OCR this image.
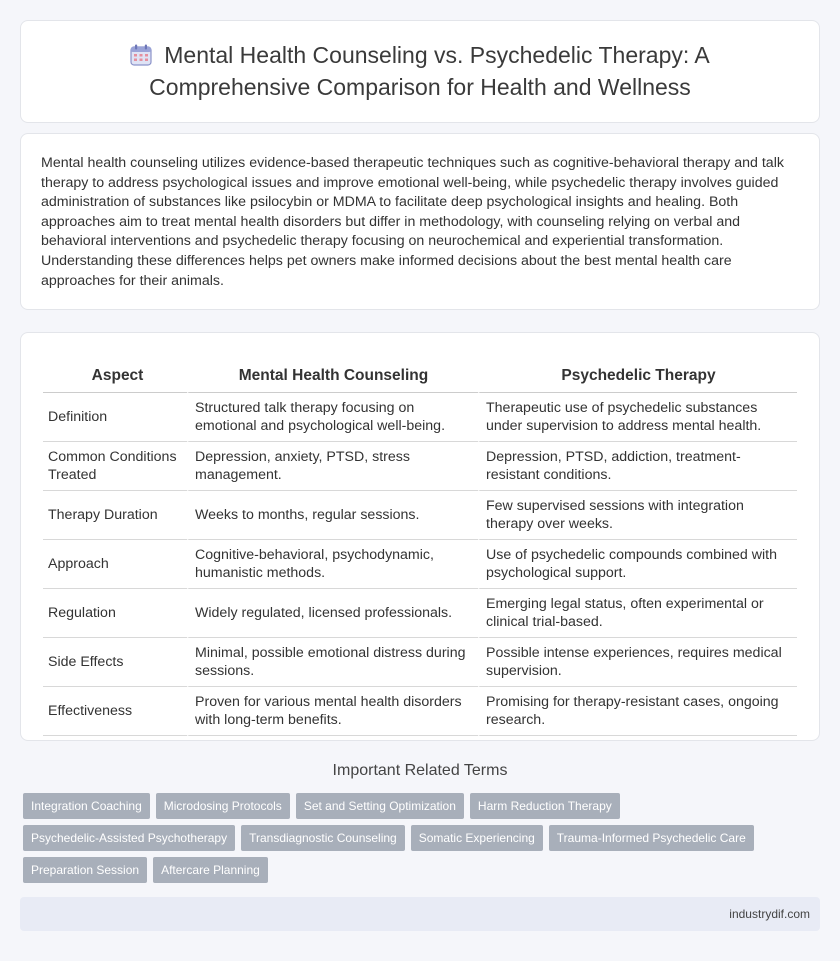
Mental Health Counseling vs. Psychedelic Therapy: A
Comprehensive Comparison for Health and Wellness

Mental health counseling utilizes evidence-based therapeutic techniques such as cognitive-behavioral therapy and talk therapy to address psychological issues and improve emotional well-being, while psychedelic therapy involves guided administration of substances like psilocybin or MDMA to facilitate deep psychological insights and healing. Both approaches aim to treat mental health disorders but differ in methodology, with counseling relying on verbal and behavioral interventions and psychedelic therapy focusing on neurochemical and experiential transformation. Understanding these differences helps pet owners make informed decisions about the best mental health care approaches for their animals.

Aspect	Mental Health Counseling	Psychedelic Therapy
Definition	Structured talk therapy focusing on emotional and psychological well-being.	Therapeutic use of psychedelic substances under supervision to address mental health.
Common Conditions Treated	Depression, anxiety, PTSD, stress management.	Depression, PTSD, addiction, treatment-resistant conditions.
Therapy Duration	Weeks to months, regular sessions.	Few supervised sessions with integration therapy over weeks.
Approach	Cognitive-behavioral, psychodynamic, humanistic methods.	Use of psychedelic compounds combined with psychological support.
Regulation	Widely regulated, licensed professionals.	Emerging legal status, often experimental or clinical trial-based.
Side Effects	Minimal, possible emotional distress during sessions.	Possible intense experiences, requires medical supervision.
Effectiveness	Proven for various mental health disorders with long-term benefits.	Promising for therapy-resistant cases, ongoing research.
Important Related Terms
Integration Coaching	Microdosing Protocols	Set and Setting Optimization	Harm Reduction Therapy
Psychedelic-Assisted Psychotherapy	Transdiagnostic Counseling	Somatic Experiencing	Trauma-Informed Psychedelic Care
Preparation Session	Aftercare Planning
industrydif.com
